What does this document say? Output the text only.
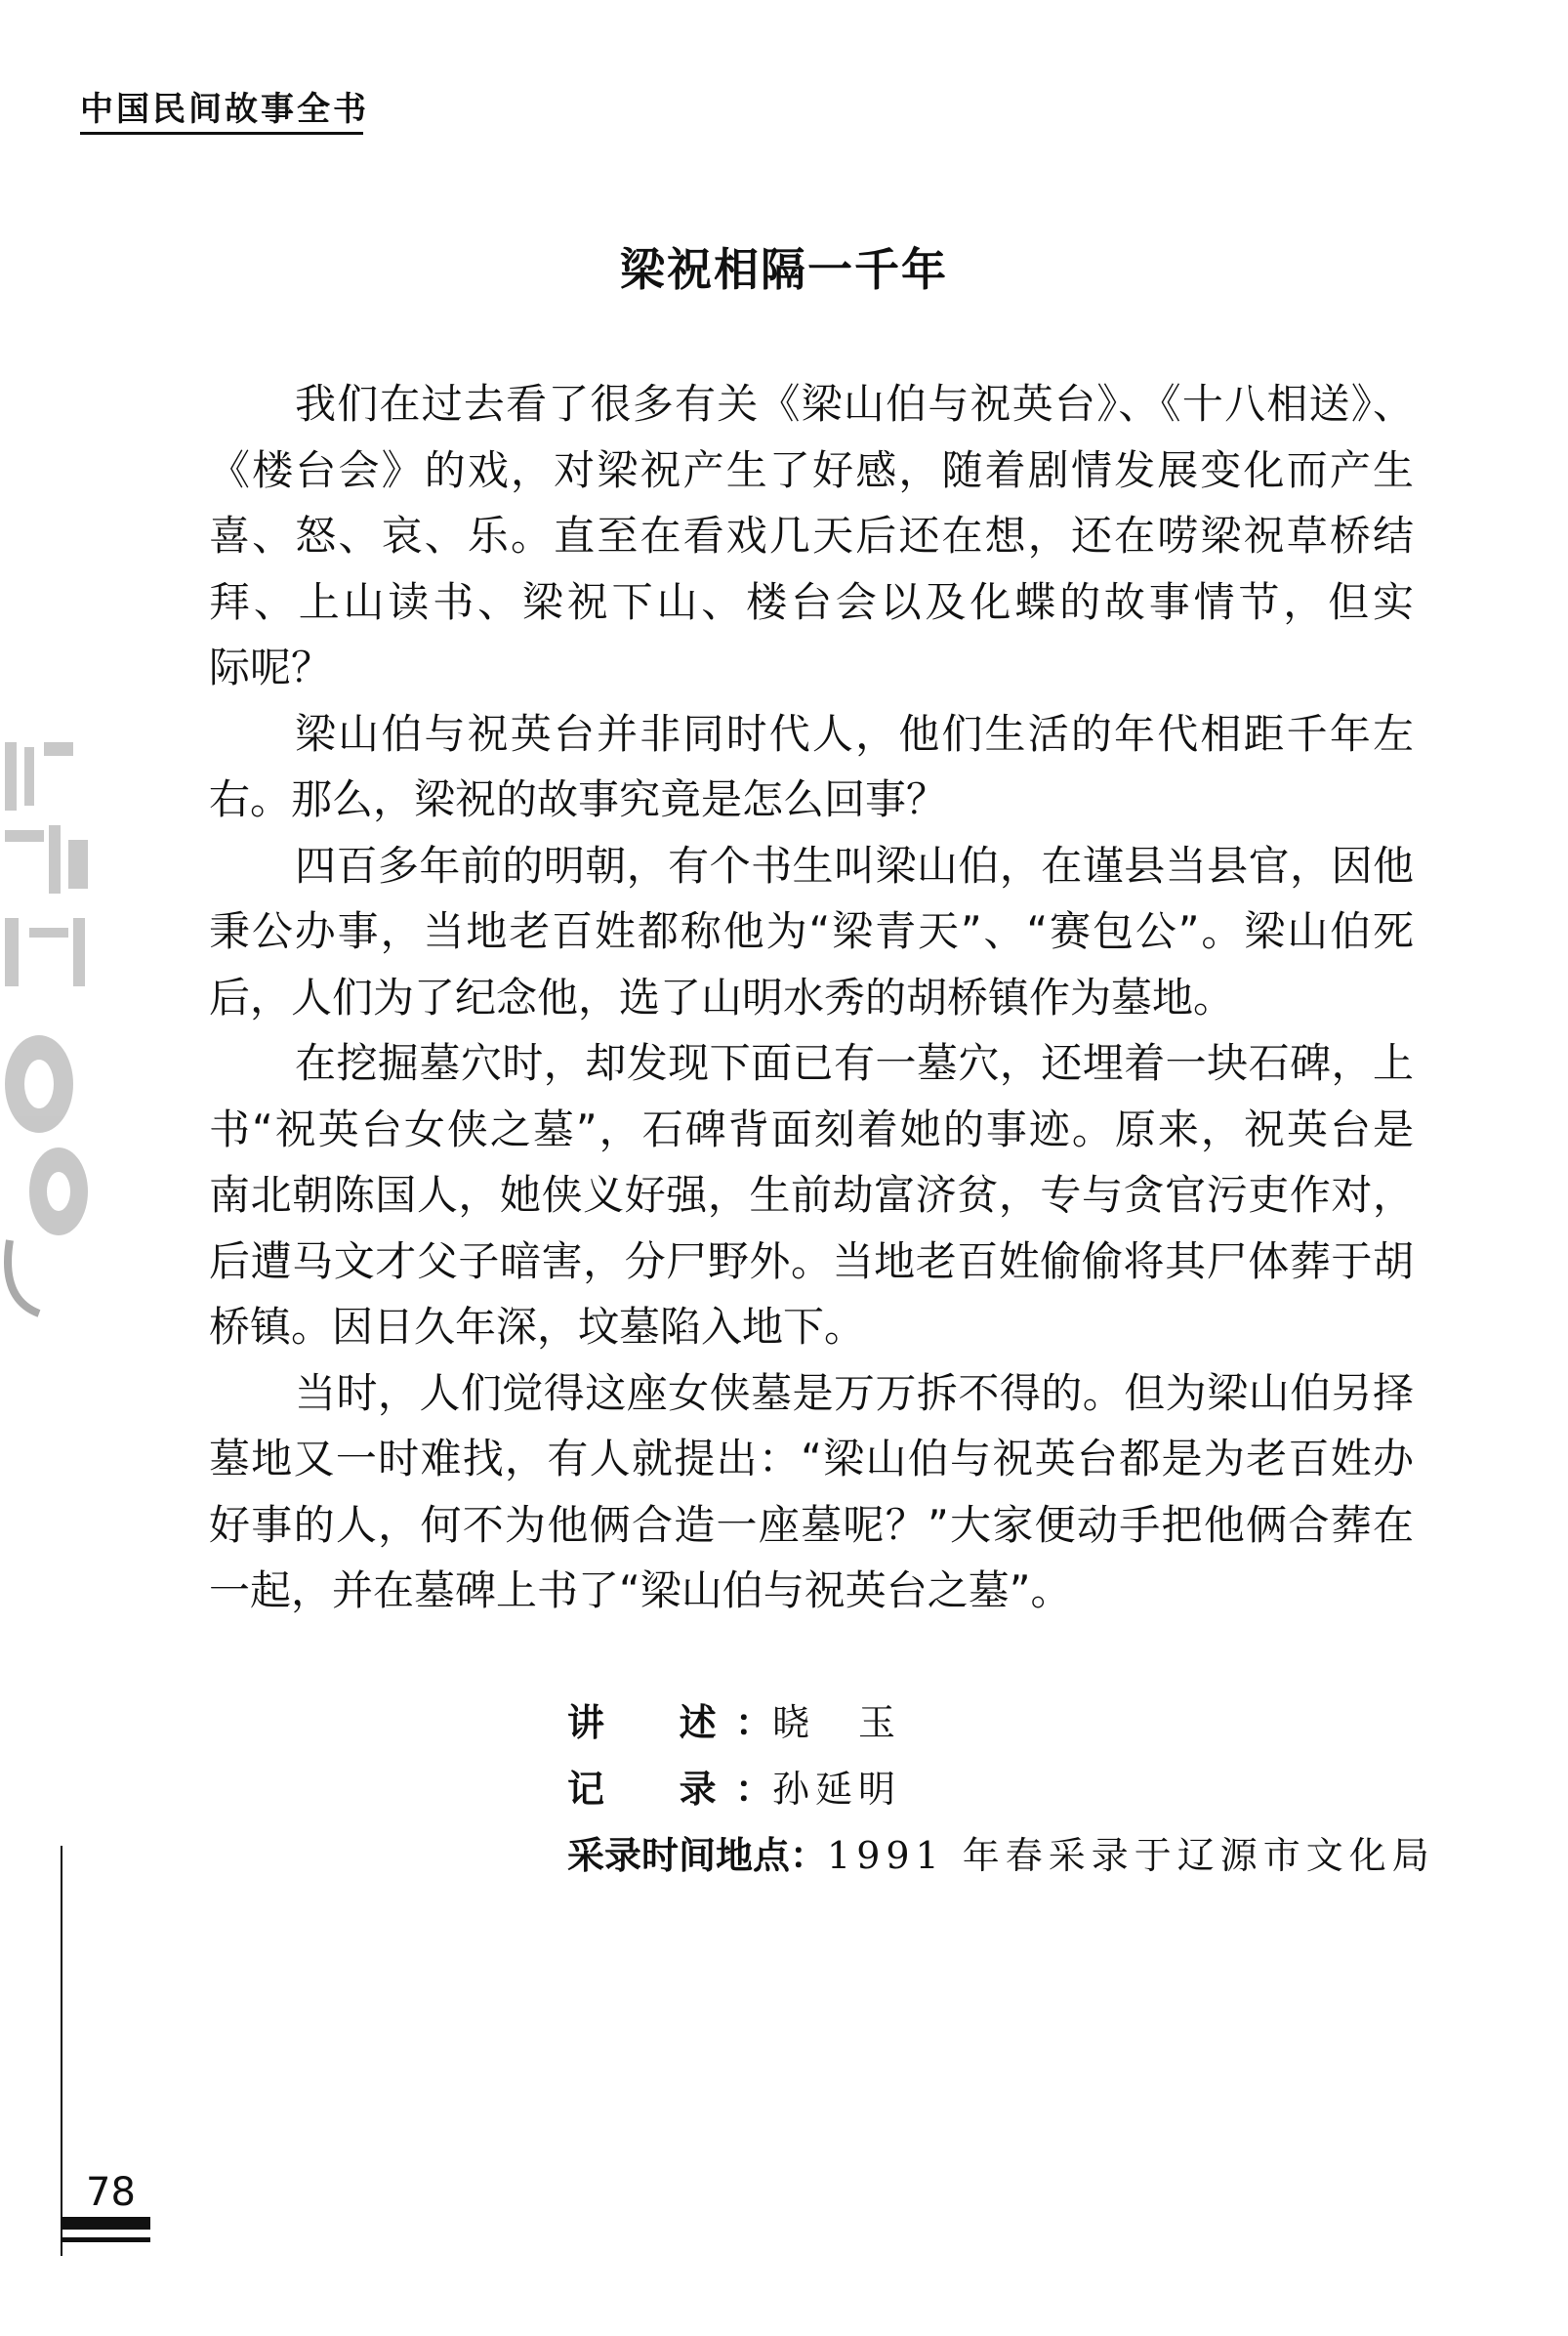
中国民间故事全书
梁祝相隔一千年
我们在过去看了很多有关《梁山伯与祝英台》、《十八相送》、
《楼台会》的戏，对梁祝产生了好感，随着剧情发展变化而产生
喜、怒、哀、乐。直至在看戏几天后还在想，还在唠梁祝草桥结
拜、上山读书、梁祝下山、楼台会以及化蝶的故事情节，但实
际呢？
梁山伯与祝英台并非同时代人，他们生活的年代相距千年左
右。那么，梁祝的故事究竟是怎么回事？
四百多年前的明朝，有个书生叫梁山伯，在谨县当县官，因他
秉公办事，当地老百姓都称他为“梁青天”、“赛包公”。梁山伯死
后，人们为了纪念他，选了山明水秀的胡桥镇作为墓地。
在挖掘墓穴时，却发现下面已有一墓穴，还埋着一块石碑，上
书“祝英台女侠之墓”，石碑背面刻着她的事迹。原来，祝英台是
南北朝陈国人，她侠义好强，生前劫富济贫，专与贪官污吏作对，
后遭马文才父子暗害，分尸野外。当地老百姓偷偷将其尸体葬于胡
桥镇。因日久年深，坟墓陷入地下。
当时，人们觉得这座女侠墓是万万拆不得的。但为梁山伯另择
墓地又一时难找，有人就提出：“梁山伯与祝英台都是为老百姓办
好事的人，何不为他俩合造一座墓呢？”大家便动手把他俩合葬在
一起，并在墓碑上书了“梁山伯与祝英台之墓”。
讲　述：晓　玉
记　录：孙延明
采录时间地点：1991 年春采录于辽源市文化局
78
